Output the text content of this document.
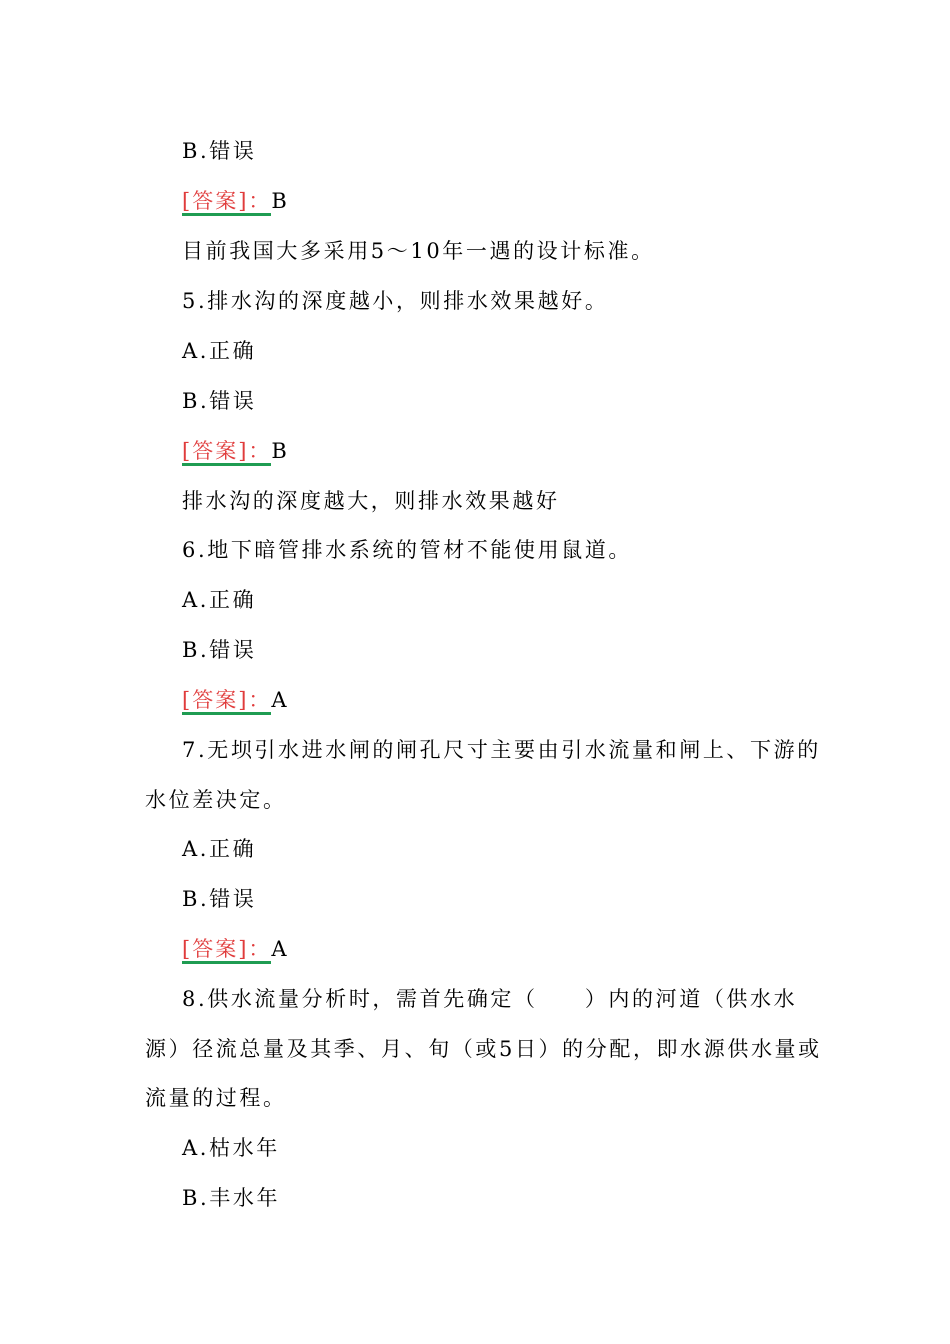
B.错误
[答案]：B
目前我国大多采用5～10年一遇的设计标准。
5.排水沟的深度越小，则排水效果越好。
A.正确
B.错误
[答案]：B
排水沟的深度越大，则排水效果越好
6.地下暗管排水系统的管材不能使用鼠道。
A.正确
B.错误
[答案]：A
7.无坝引水进水闸的闸孔尺寸主要由引水流量和闸上、下游的
水位差决定。
A.正确
B.错误
[答案]：A
8.供水流量分析时，需首先确定（　　）内的河道（供水水
源）径流总量及其季、月、旬（或5日）的分配，即水源供水量或
流量的过程。
A.枯水年
B.丰水年
